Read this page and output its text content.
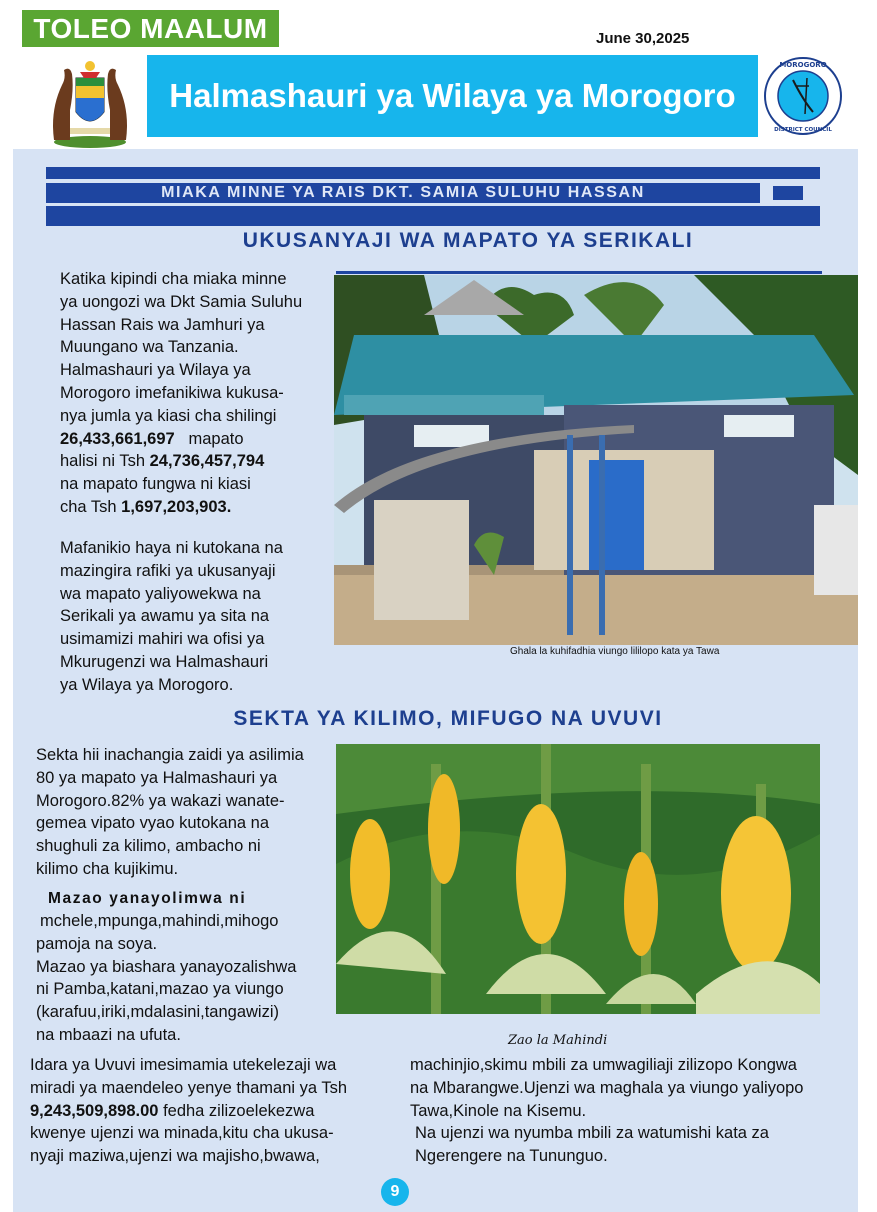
TOLEO MAALUM	June 30,2025
Halmashauri ya Wilaya ya Morogoro
MOROGORO
DISTRICT COUNCIL
MIAKA MINNE YA RAIS DKT. SAMIA SULUHU HASSAN
UKUSANYAJI WA MAPATO YA SERIKALI
Katika kipindi cha miaka minne
ya uongozi wa Dkt Samia Suluhu
Hassan Rais wa Jamhuri ya
Muungano wa Tanzania.
Halmashauri ya Wilaya ya
Morogoro imefanikiwa kukusa-
nya jumla ya kiasi cha shilingi
26,433,661,697 mapato
halisi ni Tsh 24,736,457,794
na mapato fungwa ni kiasi
cha Tsh 1,697,203,903.
Mafanikio haya ni kutokana na
mazingira rafiki ya ukusanyaji
wa mapato yaliyowekwa na
Serikali ya awamu ya sita na
usimamizi mahiri wa ofisi ya
Mkurugenzi wa Halmashauri
ya Wilaya ya Morogoro.
Ghala la kuhifadhia viungo lililopo kata ya Tawa
SEKTA YA KILIMO, MIFUGO NA UVUVI
Sekta hii inachangia zaidi ya asilimia
80 ya mapato ya Halmashauri ya
Morogoro.82% ya wakazi wanate-
gemea vipato vyao kutokana na
shughuli za kilimo, ambacho ni
kilimo cha kujikimu.
Mazao yanayolimwa ni
mchele,mpunga,mahindi,mihogo
pamoja na soya.
Mazao ya biashara yanayozalishwa
ni Pamba,katani,mazao ya viungo
(karafuu,iriki,mdalasini,tangawizi)
na mbaazi na ufuta.	Zao la Mahindi
Idara ya Uvuvi imesimamia utekelezaji wa
miradi ya maendeleo yenye thamani ya Tsh
9,243,509,898.00 fedha zilizoelekezwa
kwenye ujenzi wa minada,kitu cha ukusa-
nyaji maziwa,ujenzi wa majisho,bwawa,
machinjio,skimu mbili za umwagiliaji zilizopo Kongwa
na Mbarangwe.Ujenzi wa maghala ya viungo yaliyopo
Tawa,Kinole na Kisemu.
Na ujenzi wa nyumba mbili za watumishi kata za
Ngerengere na Tununguo.
9
